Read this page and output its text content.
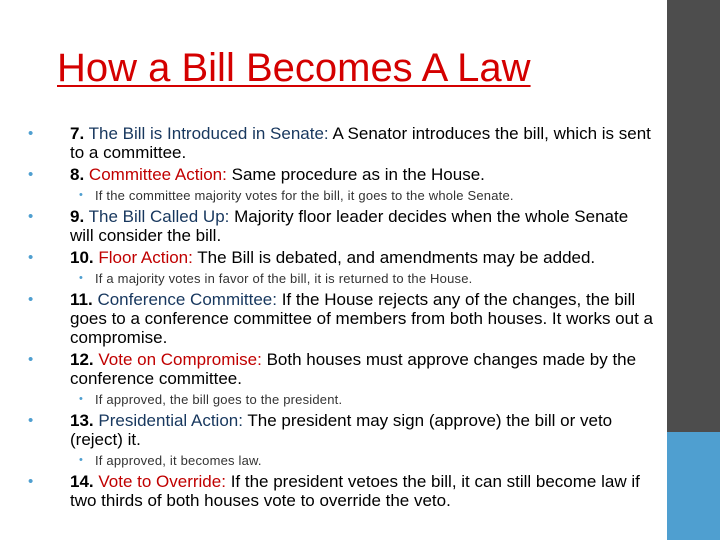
How a Bill Becomes A Law
• 7. The Bill is Introduced in Senate: A Senator introduces the bill, which is sent to a committee.
• 8. Committee Action: Same procedure as in the House.
• If the committee majority votes for the bill, it goes to the whole Senate.
• 9. The Bill Called Up: Majority floor leader decides when the whole Senate will consider the bill.
• 10. Floor Action: The Bill is debated, and amendments may be added.
• If a majority votes in favor of the bill, it is returned to the House.
• 11. Conference Committee: If the House rejects any of the changes, the bill goes to a conference committee of members from both houses. It works out a compromise.
• 12. Vote on Compromise: Both houses must approve changes made by the conference committee.
• If approved, the bill goes to the president.
• 13. Presidential Action: The president may sign (approve) the bill or veto (reject) it.
• If approved, it becomes law.
• 14. Vote to Override: If the president vetoes the bill, it can still become law if two thirds of both houses vote to override the veto.
